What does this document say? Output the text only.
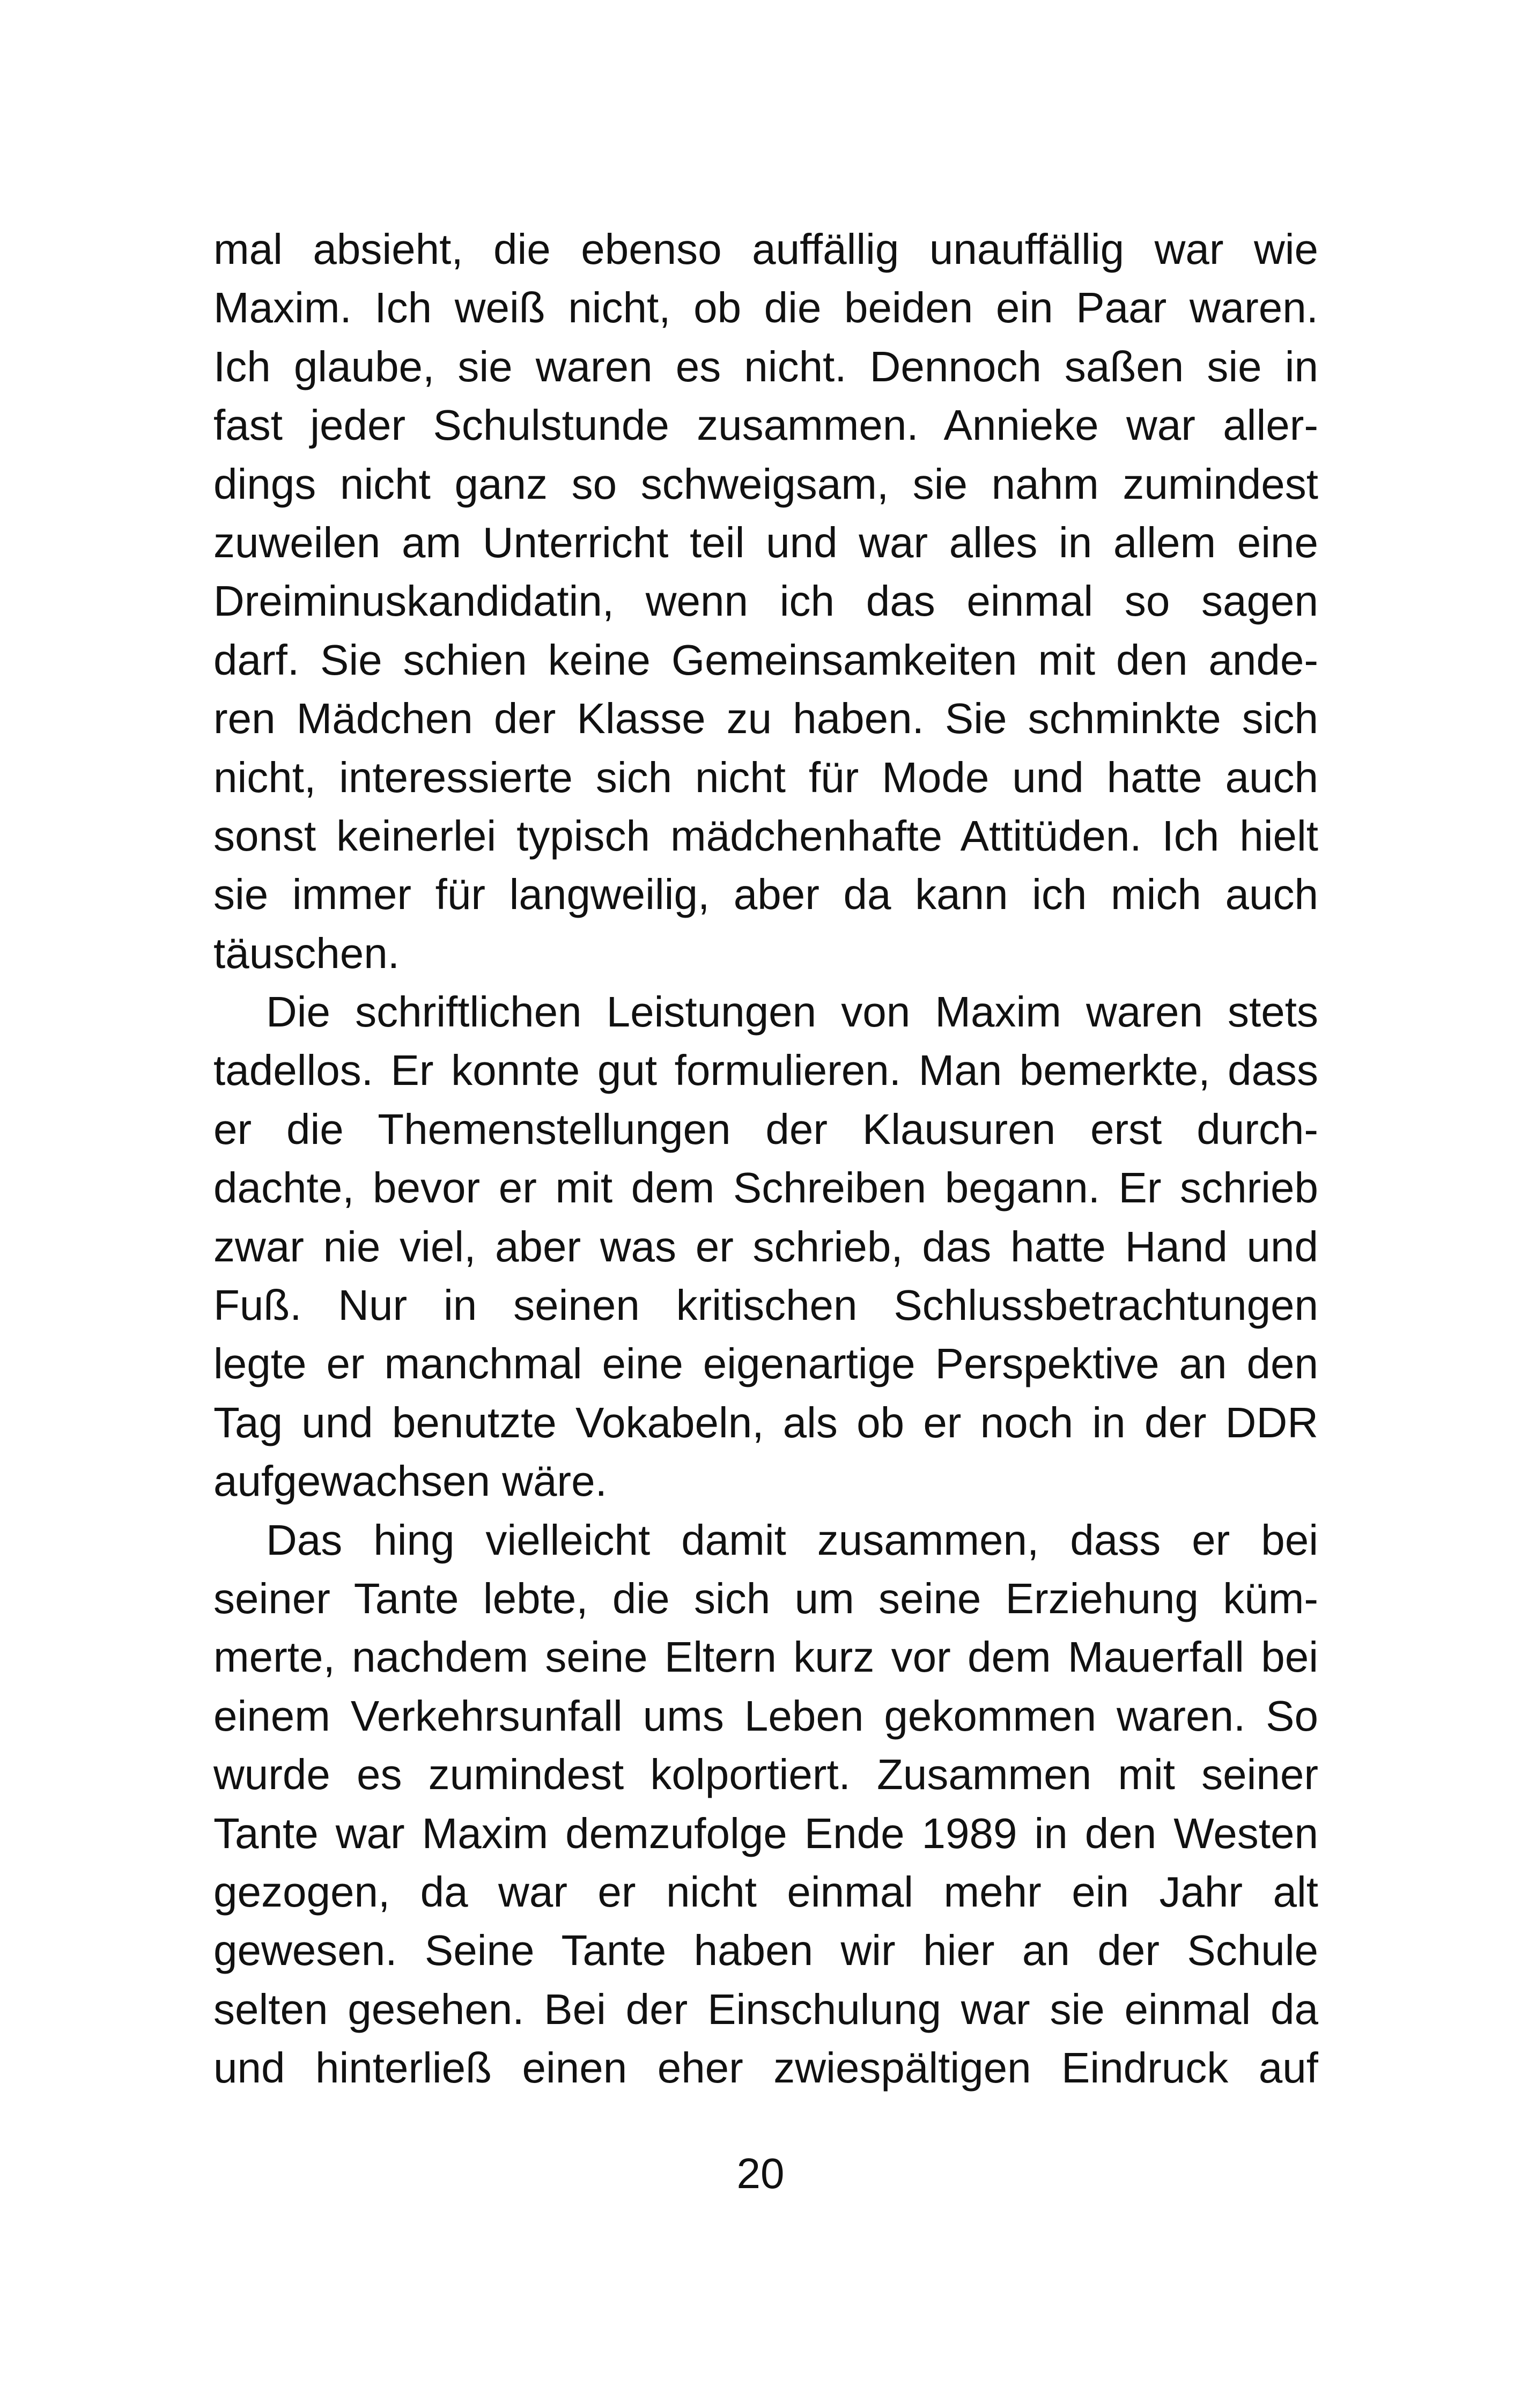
mal absieht, die ebenso auffällig unauffällig war wie
Maxim. Ich weiß nicht, ob die beiden ein Paar waren.
Ich glaube, sie waren es nicht. Dennoch saßen sie in
fast jeder Schulstunde zusammen. Annieke war aller-
dings nicht ganz so schweigsam, sie nahm zumindest
zuweilen am Unterricht teil und war alles in allem eine
Dreiminuskandidatin, wenn ich das einmal so sagen
darf. Sie schien keine Gemeinsamkeiten mit den ande-
ren Mädchen der Klasse zu haben. Sie schminkte sich
nicht, interessierte sich nicht für Mode und hatte auch
sonst keinerlei typisch mädchenhafte Attitüden. Ich hielt
sie immer für langweilig, aber da kann ich mich auch
täuschen.
Die schriftlichen Leistungen von Maxim waren stets
tadellos. Er konnte gut formulieren. Man bemerkte, dass
er die Themenstellungen der Klausuren erst durch-
dachte, bevor er mit dem Schreiben begann. Er schrieb
zwar nie viel, aber was er schrieb, das hatte Hand und
Fuß. Nur in seinen kritischen Schlussbetrachtungen
legte er manchmal eine eigenartige Perspektive an den
Tag und benutzte Vokabeln, als ob er noch in der DDR
aufgewachsen wäre.
Das hing vielleicht damit zusammen, dass er bei
seiner Tante lebte, die sich um seine Erziehung küm-
merte, nachdem seine Eltern kurz vor dem Mauerfall bei
einem Verkehrsunfall ums Leben gekommen waren. So
wurde es zumindest kolportiert. Zusammen mit seiner
Tante war Maxim demzufolge Ende 1989 in den Westen
gezogen, da war er nicht einmal mehr ein Jahr alt
gewesen. Seine Tante haben wir hier an der Schule
selten gesehen. Bei der Einschulung war sie einmal da
und hinterließ einen eher zwiespältigen Eindruck auf
20
